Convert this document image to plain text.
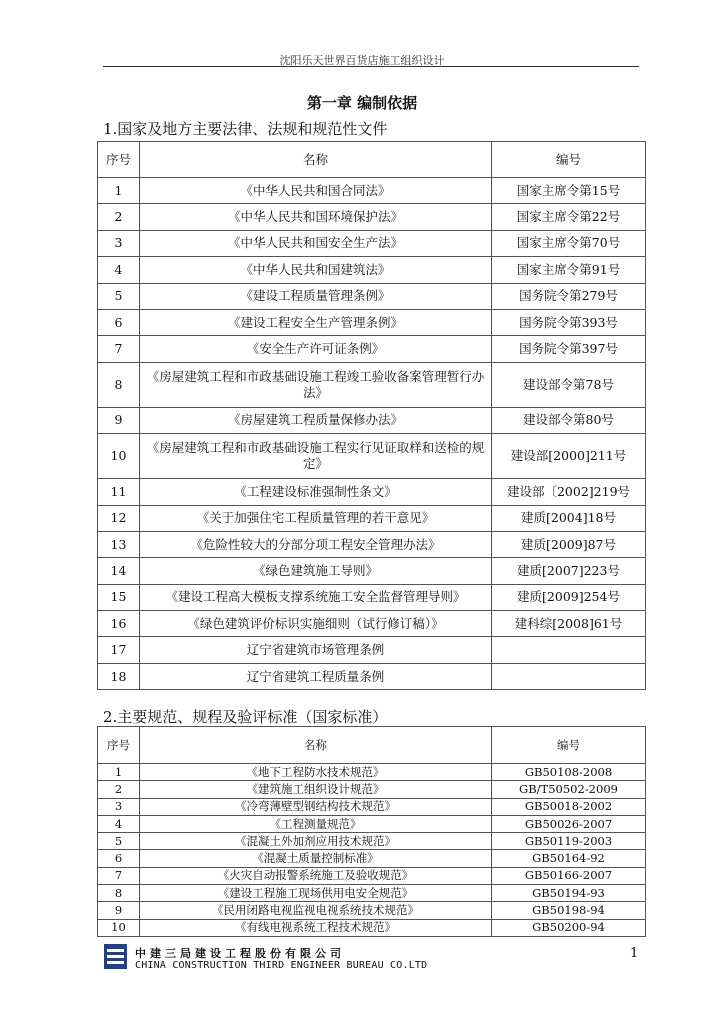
沈阳乐天世界百货店施工组织设计
第一章 编制依据
1.国家及地方主要法律、法规和规范性文件
序号	名称	编号
1	《中华人民共和国合同法》	国家主席令第15号
2	《中华人民共和国环境保护法》	国家主席令第22号
3	《中华人民共和国安全生产法》	国家主席令第70号
4	《中华人民共和国建筑法》	国家主席令第91号
5	《建设工程质量管理条例》	国务院令第279号
6	《建设工程安全生产管理条例》	国务院令第393号
7	《安全生产许可证条例》	国务院令第397号
8	《房屋建筑工程和市政基础设施工程竣工验收备案管理暂行办法》	建设部令第78号
9	《房屋建筑工程质量保修办法》	建设部令第80号
10	《房屋建筑工程和市政基础设施工程实行见证取样和送检的规定》	建设部[2000]211号
11	《工程建设标准强制性条文》	建设部〔2002]219号
12	《关于加强住宅工程质量管理的若干意见》	建质[2004]18号
13	《危险性较大的分部分项工程安全管理办法》	建质[2009]87号
14	《绿色建筑施工导则》	建质[2007]223号
15	《建设工程高大模板支撑系统施工安全监督管理导则》	建质[2009]254号
16	《绿色建筑评价标识实施细则（试行修订稿）》	建科综[2008]61号
17	辽宁省建筑市场管理条例	
18	辽宁省建筑工程质量条例	
2.主要规范、规程及验评标准（国家标准）
序号	名称	编号
1	《地下工程防水技术规范》	GB50108-2008
2	《建筑施工组织设计规范》	GB/T50502-2009
3	《冷弯薄壁型钢结构技术规范》	GB50018-2002
4	《工程测量规范》	GB50026-2007
5	《混凝土外加剂应用技术规范》	GB50119-2003
6	《混凝土质量控制标准》	GB50164-92
7	《火灾自动报警系统施工及验收规范》	GB50166-2007
8	《建设工程施工现场供用电安全规范》	GB50194-93
9	《民用闭路电视监视电视系统技术规范》	GB50198-94
10	《有线电视系统工程技术规范》	GB50200-94
中建三局建设工程股份有限公司
CHINA CONSTRUCTION THIRD ENGINEER BUREAU CO.LTD
1
